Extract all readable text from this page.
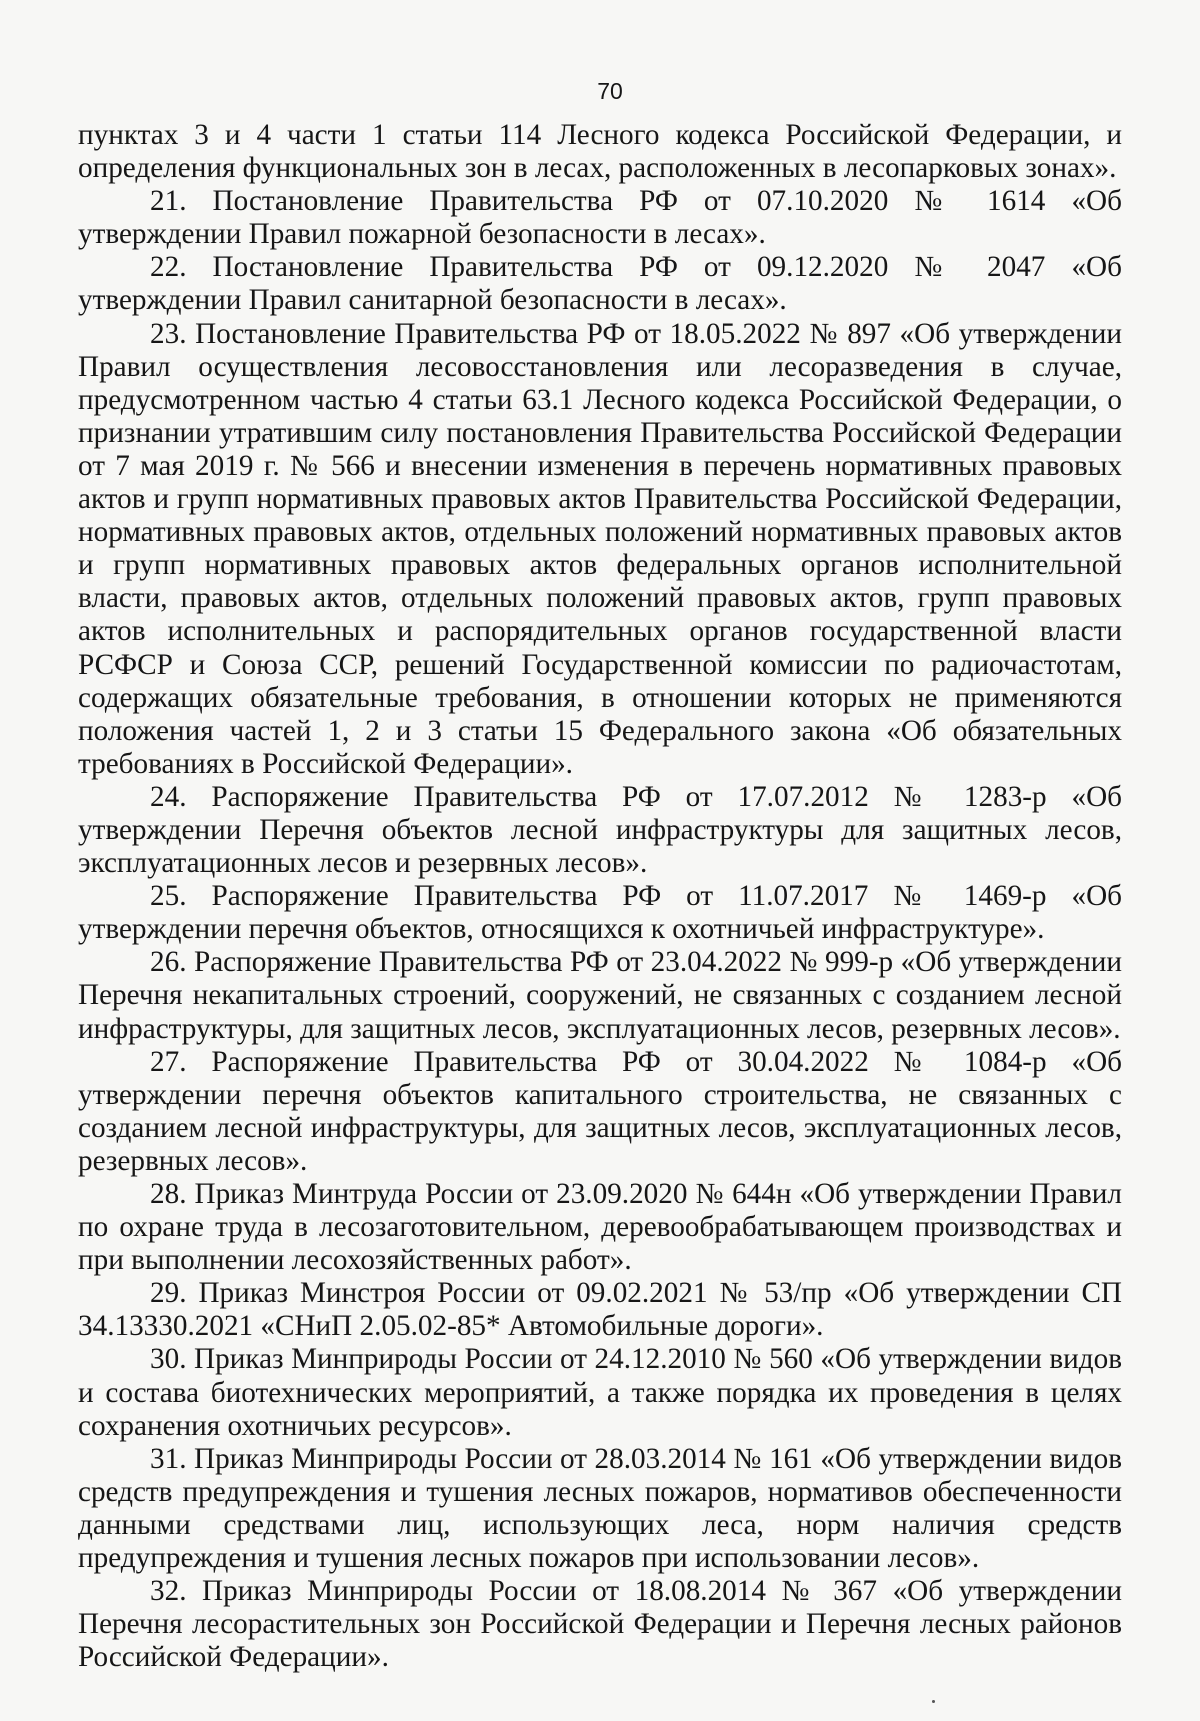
70

пунктах 3 и 4 части 1 статьи 114 Лесного кодекса Российской Федерации, и определения функциональных зон в лесах, расположенных в лесопарковых зонах».

21. Постановление Правительства РФ от 07.10.2020 № 1614 «Об утверждении Правил пожарной безопасности в лесах».

22. Постановление Правительства РФ от 09.12.2020 № 2047 «Об утверждении Правил санитарной безопасности в лесах».

23. Постановление Правительства РФ от 18.05.2022 № 897 «Об утверждении Правил осуществления лесовосстановления или лесоразведения в случае, предусмотренном частью 4 статьи 63.1 Лесного кодекса Российской Федерации, о признании утратившим силу постановления Правительства Российской Федерации от 7 мая 2019 г. № 566 и внесении изменения в перечень нормативных правовых актов и групп нормативных правовых актов Правительства Российской Федерации, нормативных правовых актов, отдельных положений нормативных правовых актов и групп нормативных правовых актов федеральных органов исполнительной власти, правовых актов, отдельных положений правовых актов, групп правовых актов исполнительных и распорядительных органов государственной власти РСФСР и Союза ССР, решений Государственной комиссии по радиочастотам, содержащих обязательные требования, в отношении которых не применяются положения частей 1, 2 и 3 статьи 15 Федерального закона «Об обязательных требованиях в Российской Федерации».

24. Распоряжение Правительства РФ от 17.07.2012 № 1283-р «Об утверждении Перечня объектов лесной инфраструктуры для защитных лесов, эксплуатационных лесов и резервных лесов».

25. Распоряжение Правительства РФ от 11.07.2017 № 1469-р «Об утверждении перечня объектов, относящихся к охотничьей инфраструктуре».

26. Распоряжение Правительства РФ от 23.04.2022 № 999-р «Об утверждении Перечня некапитальных строений, сооружений, не связанных с созданием лесной инфраструктуры, для защитных лесов, эксплуатационных лесов, резервных лесов».

27. Распоряжение Правительства РФ от 30.04.2022 № 1084-р «Об утверждении перечня объектов капитального строительства, не связанных с созданием лесной инфраструктуры, для защитных лесов, эксплуатационных лесов, резервных лесов».

28. Приказ Минтруда России от 23.09.2020 № 644н «Об утверждении Правил по охране труда в лесозаготовительном, деревообрабатывающем производствах и при выполнении лесохозяйственных работ».

29. Приказ Минстроя России от 09.02.2021 № 53/пр «Об утверждении СП 34.13330.2021 «СНиП 2.05.02-85* Автомобильные дороги».

30. Приказ Минприроды России от 24.12.2010 № 560 «Об утверждении видов и состава биотехнических мероприятий, а также порядка их проведения в целях сохранения охотничьих ресурсов».

31. Приказ Минприроды России от 28.03.2014 № 161 «Об утверждении видов средств предупреждения и тушения лесных пожаров, нормативов обеспеченности данными средствами лиц, использующих леса, норм наличия средств предупреждения и тушения лесных пожаров при использовании лесов».

32. Приказ Минприроды России от 18.08.2014 № 367 «Об утверждении Перечня лесорастительных зон Российской Федерации и Перечня лесных районов Российской Федерации».
